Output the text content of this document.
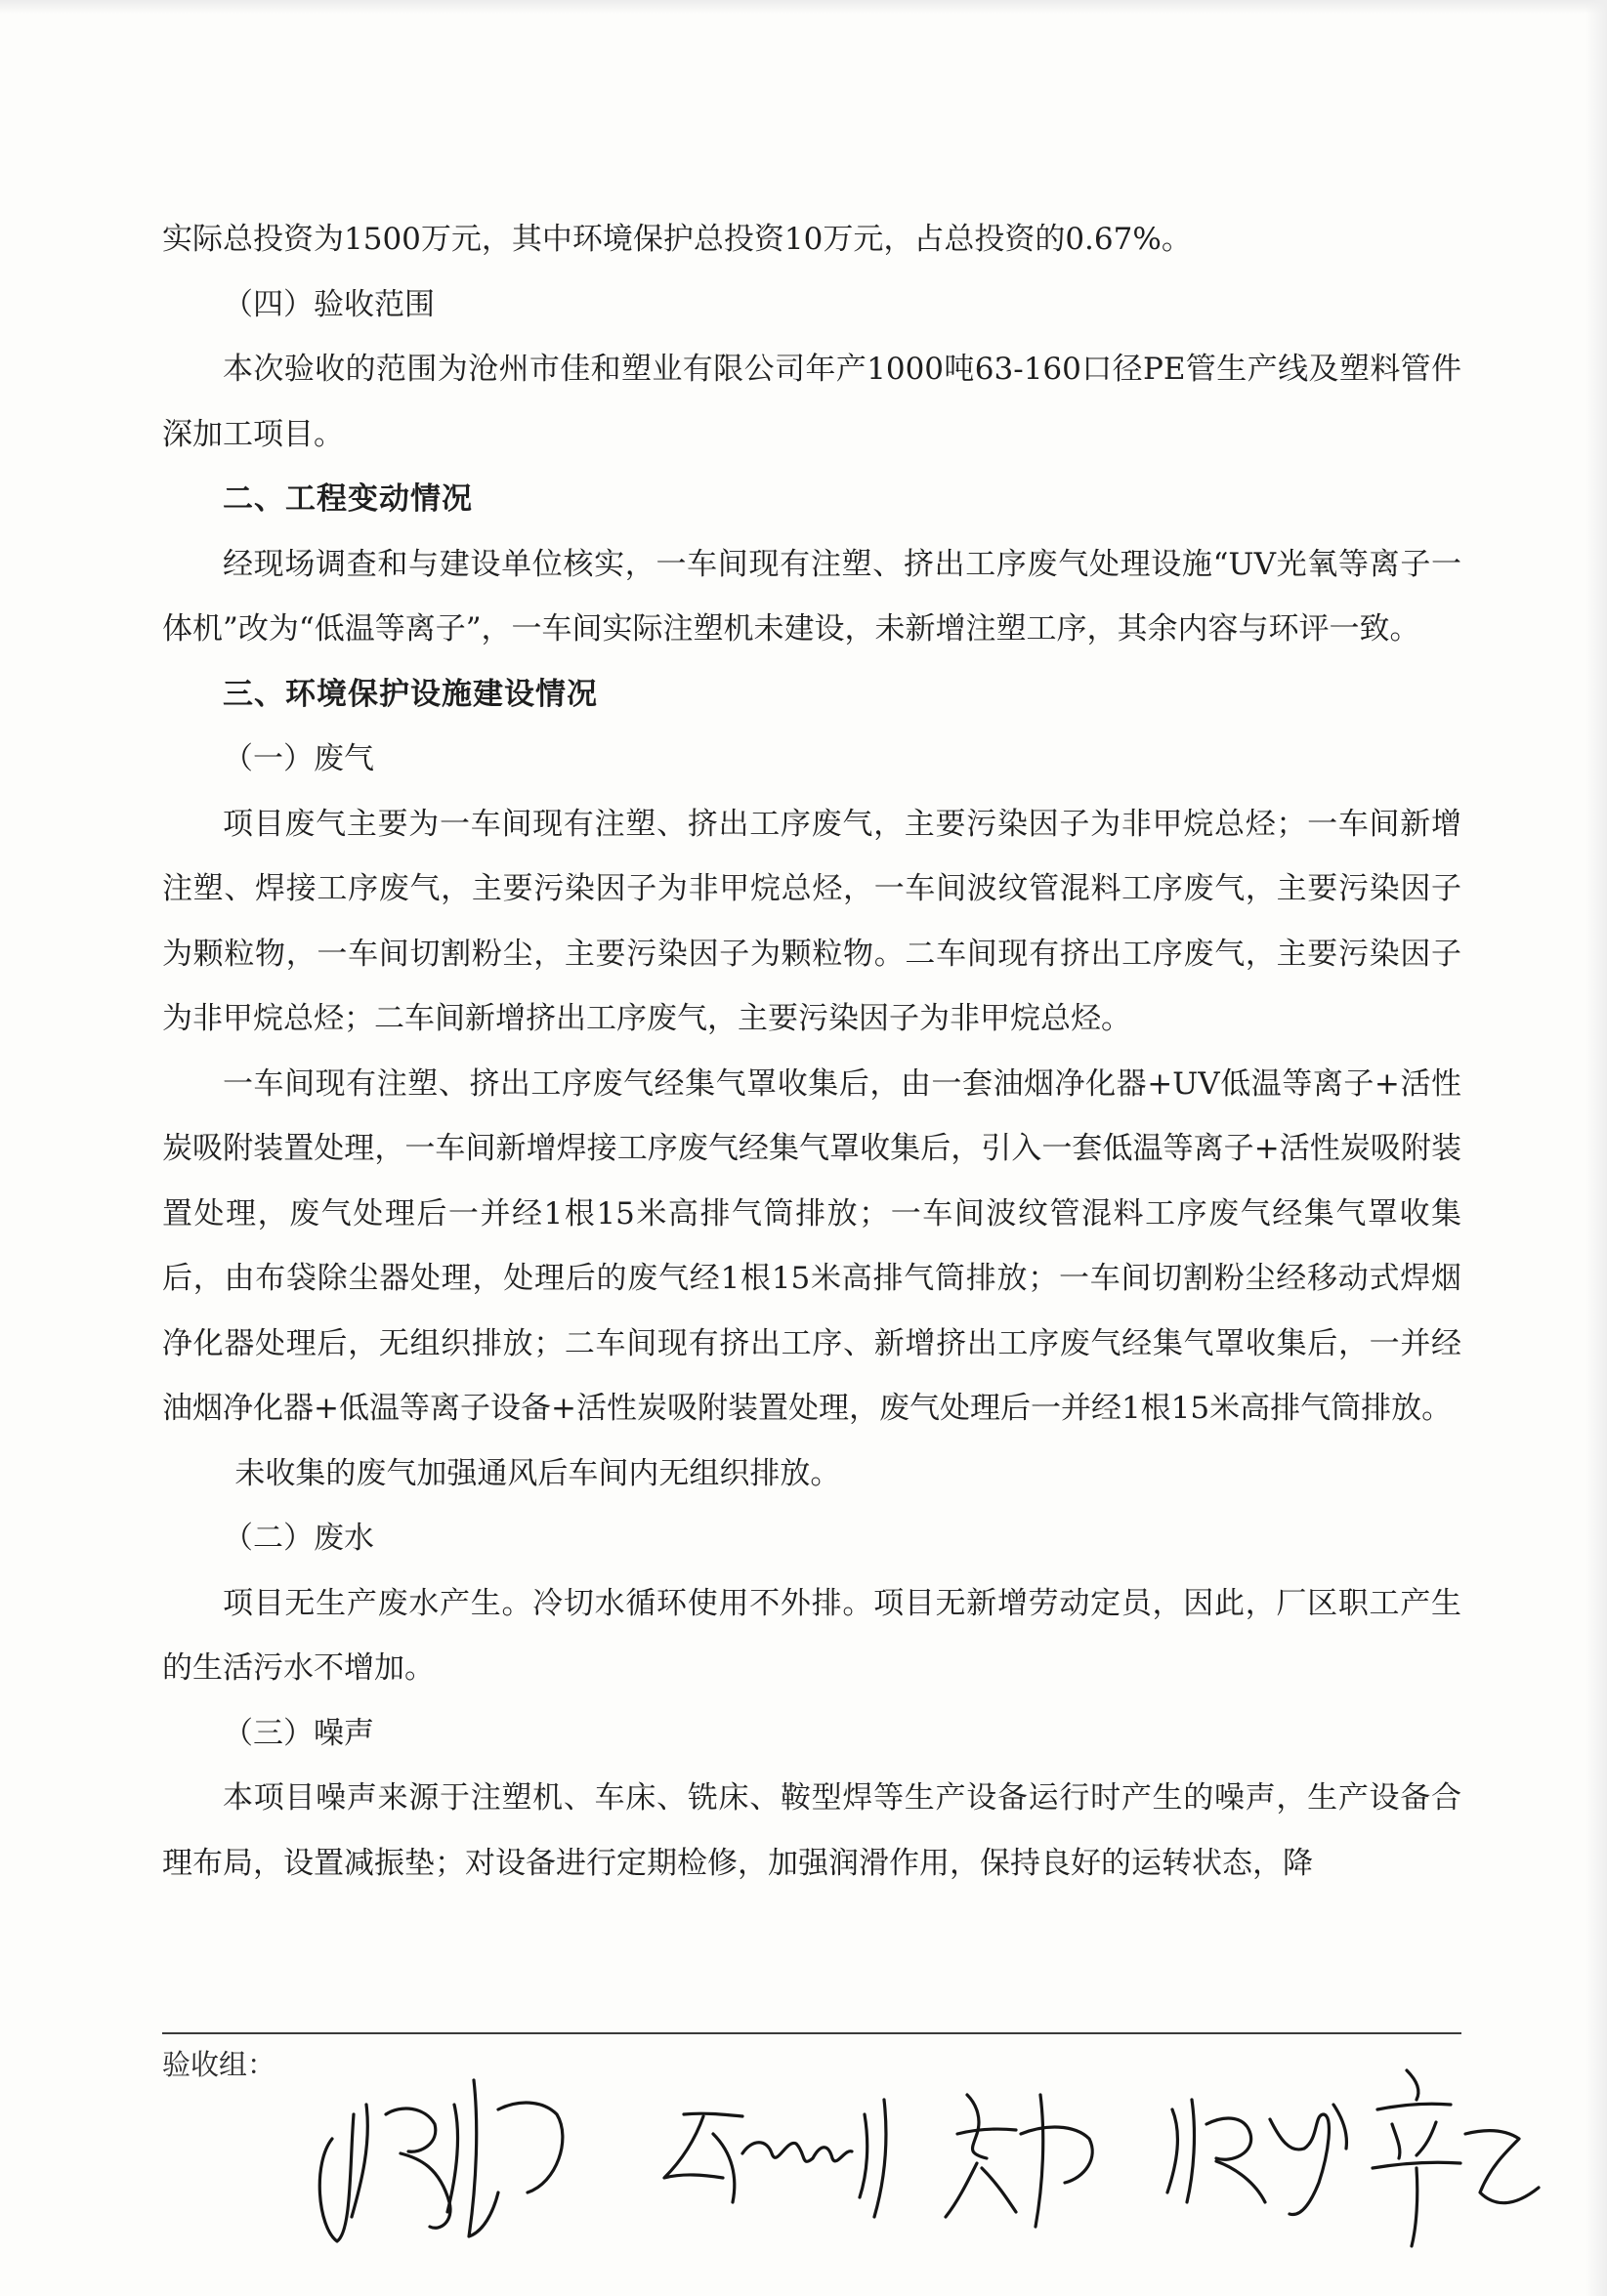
实际总投资为1500万元，其中环境保护总投资10万元，占总投资的0.67%。

（四）验收范围

本次验收的范围为沧州市佳和塑业有限公司年产1000吨63-160口径PE管生产线及塑料管件深加工项目。

二、工程变动情况

经现场调查和与建设单位核实，一车间现有注塑、挤出工序废气处理设施“UV光氧等离子一体机”改为“低温等离子”，一车间实际注塑机未建设，未新增注塑工序，其余内容与环评一致。

三、环境保护设施建设情况

（一）废气

项目废气主要为一车间现有注塑、挤出工序废气，主要污染因子为非甲烷总烃；一车间新增注塑、焊接工序废气，主要污染因子为非甲烷总烃，一车间波纹管混料工序废气，主要污染因子为颗粒物，一车间切割粉尘，主要污染因子为颗粒物。二车间现有挤出工序废气，主要污染因子为非甲烷总烃；二车间新增挤出工序废气，主要污染因子为非甲烷总烃。

一车间现有注塑、挤出工序废气经集气罩收集后，由一套油烟净化器+UV低温等离子+活性炭吸附装置处理，一车间新增焊接工序废气经集气罩收集后，引入一套低温等离子+活性炭吸附装置处理，废气处理后一并经1根15米高排气筒排放；一车间波纹管混料工序废气经集气罩收集后，由布袋除尘器处理，处理后的废气经1根15米高排气筒排放；一车间切割粉尘经移动式焊烟净化器处理后，无组织排放；二车间现有挤出工序、新增挤出工序废气经集气罩收集后，一并经油烟净化器+低温等离子设备+活性炭吸附装置处理，废气处理后一并经1根15米高排气筒排放。

未收集的废气加强通风后车间内无组织排放。

（二）废水

项目无生产废水产生。冷切水循环使用不外排。项目无新增劳动定员，因此，厂区职工产生的生活污水不增加。

（三）噪声

本项目噪声来源于注塑机、车床、铣床、鞍型焊等生产设备运行时产生的噪声，生产设备合理布局，设置减振垫；对设备进行定期检修，加强润滑作用，保持良好的运转状态，降

验收组：
